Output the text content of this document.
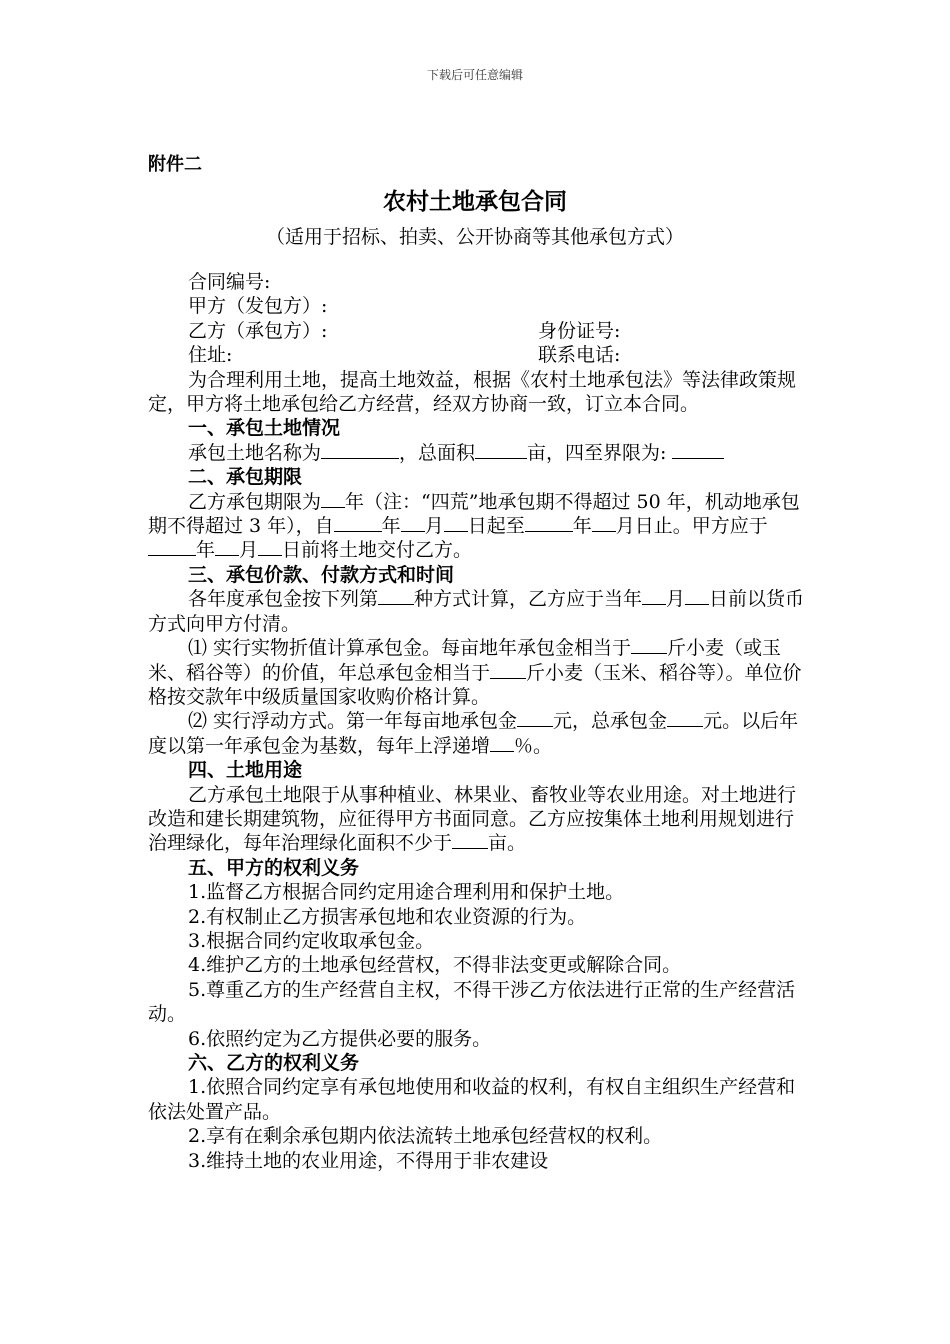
下载后可任意编辑
附件二
农村土地承包合同
（适用于招标、拍卖、公开协商等其他承包方式）

合同编号:

甲方（发包方）:

乙方（承包方）:	身份证号:
住址:	联系电话:

为合理利用土地，提高土地效益，根据《农村土地承包法》等法律政策规定，甲方将土地承包给乙方经营，经双方协商一致，订立本合同。

一、承包土地情况

承包土地名称为	，总面积	亩，四至界限为:

二、承包期限

乙方承包期限为 年（注：“四荒”地承包期不得超过 50 年，机动地承包期不得超过 3 年），自	年 月 日起至	年 月日止。甲方应于年 月 日前将土地交付乙方。

三、承包价款、付款方式和时间

各年度承包金按下列第 种方式计算，乙方应于当年 月 日前以货币方式向甲方付清。

⑴ 实行实物折值计算承包金。每亩地年承包金相当于 斤小麦（或玉米、稻谷等）的价值，年总承包金相当于 斤小麦（玉米、稻谷等）。单位价格按交款年中级质量国家收购价格计算。

⑵ 实行浮动方式。第一年每亩地承包金 元，总承包金 元。以后年度以第一年承包金为基数，每年上浮递增 ％。

四、土地用途

乙方承包土地限于从事种植业、林果业、畜牧业等农业用途。对土地进行改造和建长期建筑物，应征得甲方书面同意。乙方应按集体土地利用规划进行治理绿化，每年治理绿化面积不少于 亩。

五、甲方的权利义务

1.监督乙方根据合同约定用途合理利用和保护土地。

2.有权制止乙方损害承包地和农业资源的行为。

3.根据合同约定收取承包金。

4.维护乙方的土地承包经营权，不得非法变更或解除合同。

5.尊重乙方的生产经营自主权，不得干涉乙方依法进行正常的生产经营活动。

6.依照约定为乙方提供必要的服务。

六、乙方的权利义务

1.依照合同约定享有承包地使用和收益的权利，有权自主组织生产经营和依法处置产品。

2.享有在剩余承包期内依法流转土地承包经营权的权利。

3.维持土地的农业用途，不得用于非农建设
